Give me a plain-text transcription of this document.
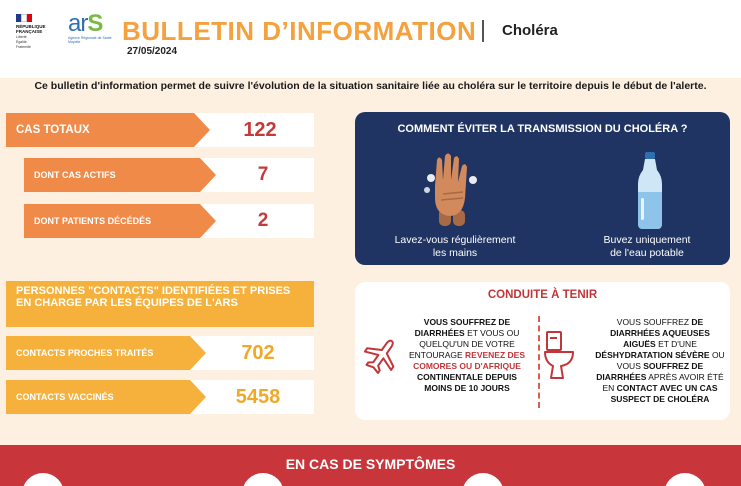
RÉPUBLIQUE
FRANÇAISE
Liberté
Égalité
Fraternité
arS
Agence Régionale de Santé Mayotte	BULLETIN D’INFORMATION
27/05/2024
Choléra
Ce bulletin d'information permet de suivre l'évolution de la situation sanitaire liée au choléra sur le territoire depuis le début de l'alerte.
CAS TOTAUX	122
DONT CAS ACTIFS	7
DONT PATIENTS DÉCÉDÉS	2
PERSONNES "CONTACTS" IDENTIFIÉES ET PRISES EN CHARGE PAR LES ÉQUIPES DE L'ARS
CONTACTS PROCHES TRAITÉS	702
CONTACTS VACCINÉS	5458
COMMENT ÉVITER LA TRANSMISSION DU CHOLÉRA ?
Lavez-vous régulièrement
les mains
Buvez uniquement
de l'eau potable
CONDUITE À TENIR
VOUS SOUFFREZ DE DIARRHÉES ET VOUS OU QUELQU'UN DE VOTRE ENTOURAGE REVENEZ DES COMORES OU D'AFRIQUE CONTINENTALE DEPUIS MOINS DE 10 JOURS
VOUS SOUFFREZ DE DIARRHÉES AQUEUSES AIGUËS ET D'UNE DÉSHYDRATATION SÉVÈRE OU VOUS SOUFFREZ DE DIARRHÉES APRÈS AVOIR ÉTÉ EN CONTACT AVEC UN CAS SUSPECT DE CHOLÉRA
EN CAS DE SYMPTÔMES
